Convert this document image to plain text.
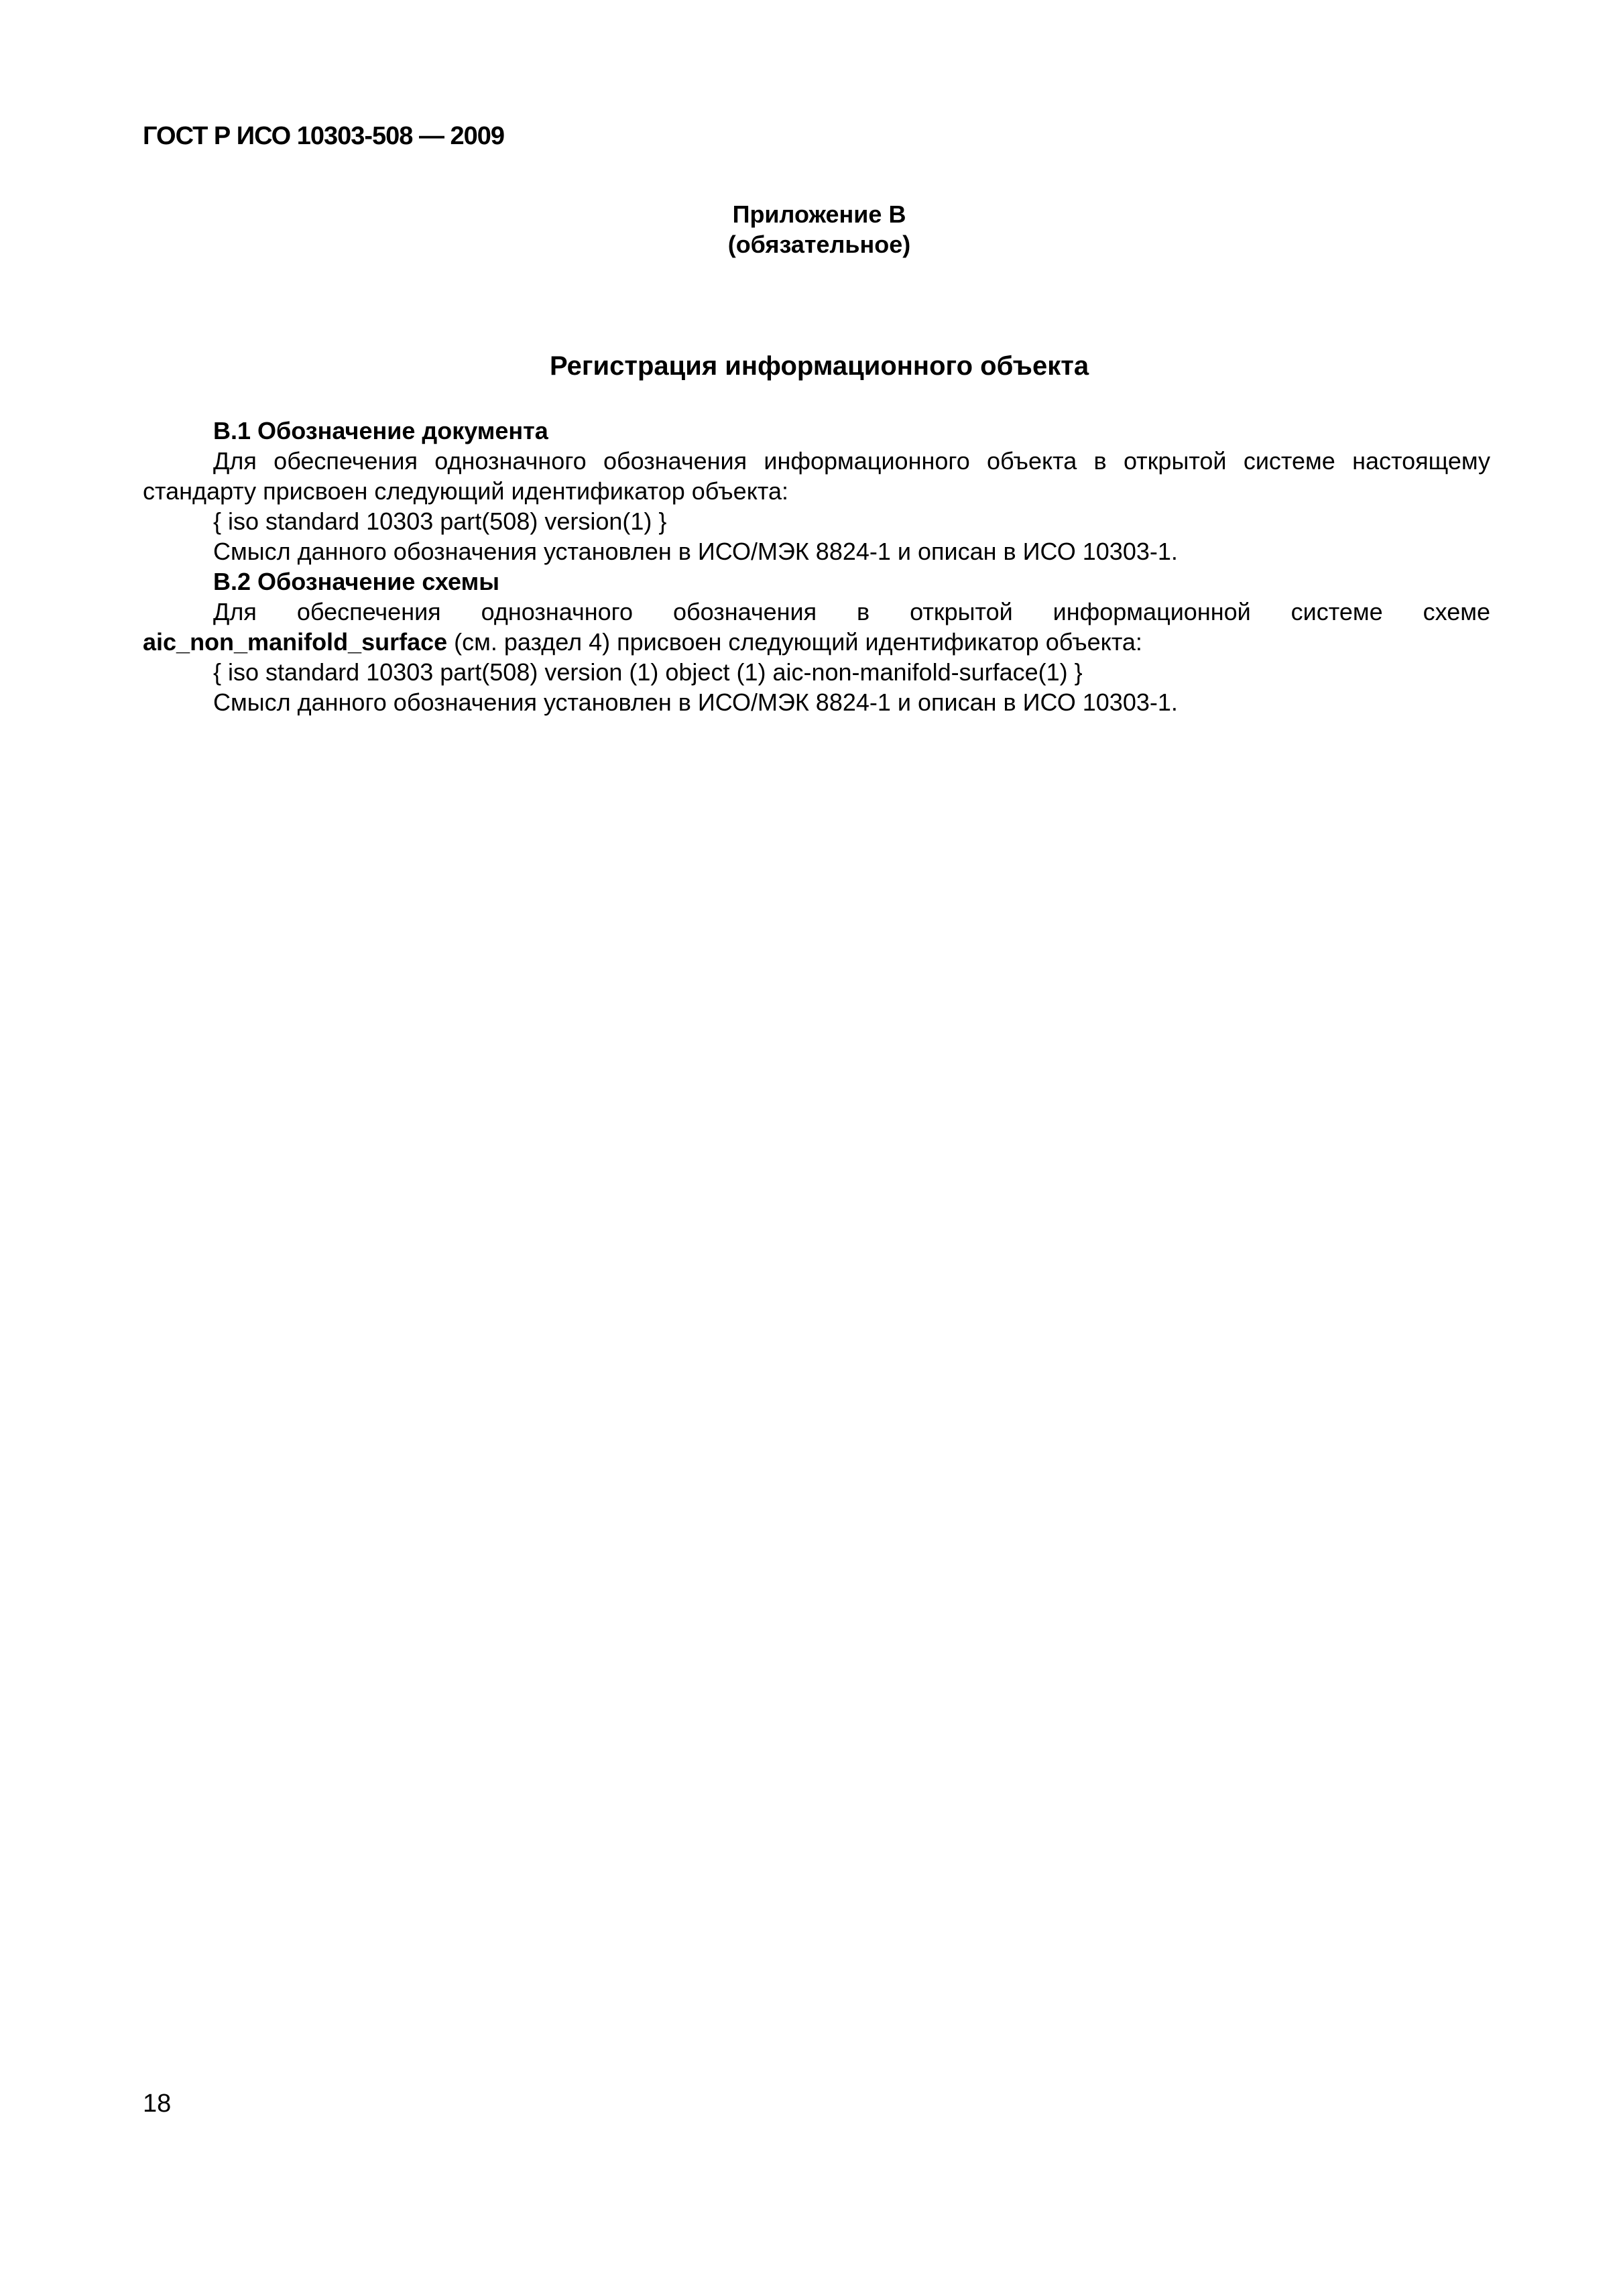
ГОСТ Р ИСО 10303-508 — 2009
Приложение В
(обязательное)
Регистрация информационного объекта

В.1 Обозначение документа

Для обеспечения однозначного обозначения информационного объекта в открытой системе настоящему стандарту присвоен следующий идентификатор объекта:

{ iso standard 10303 part(508) version(1) }

Смысл данного обозначения установлен в ИСО/МЭК 8824-1 и описан в ИСО 10303-1.

В.2 Обозначение схемы

Для обеспечения однозначного обозначения в открытой информационной системе схеме

aic_non_manifold_surface (см. раздел 4) присвоен следующий идентификатор объекта:

{ iso standard 10303 part(508) version (1) object (1) aic-non-manifold-surface(1) }

Смысл данного обозначения установлен в ИСО/МЭК 8824-1 и описан в ИСО 10303-1.

18
